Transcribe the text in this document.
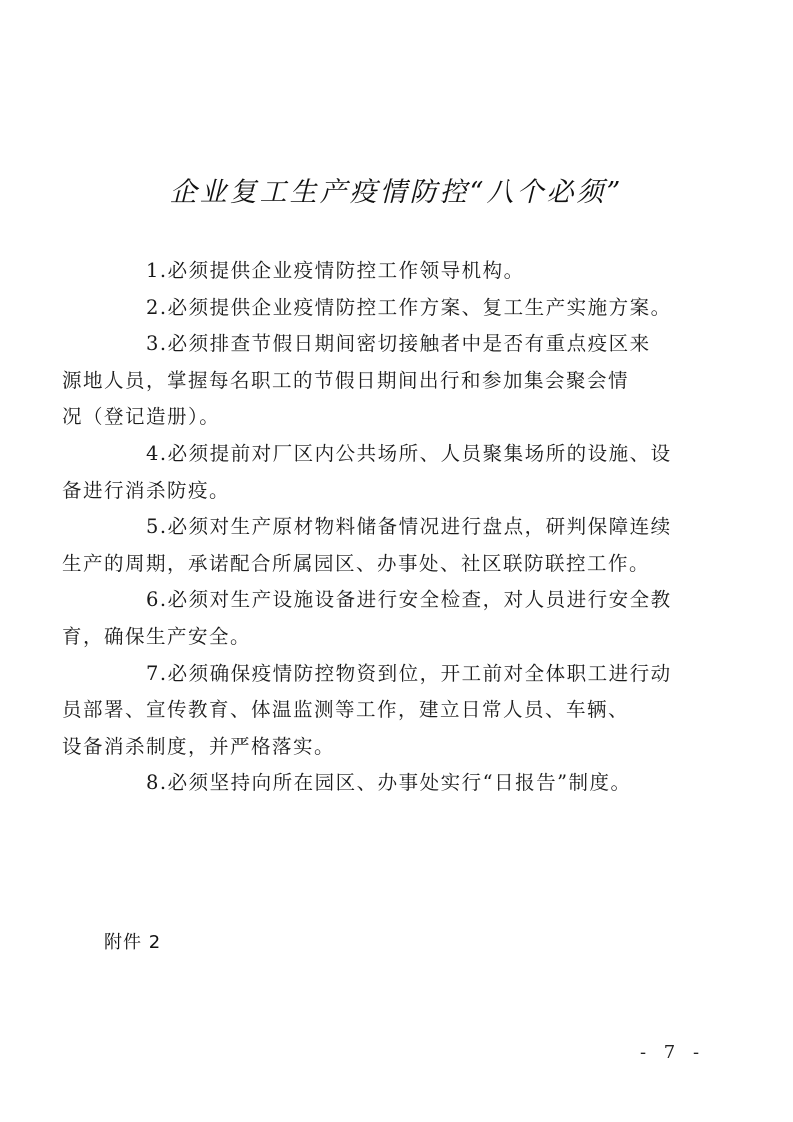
企业复工生产疫情防控“八个必须”

1.必须提供企业疫情防控工作领导机构。

2.必须提供企业疫情防控工作方案、复工生产实施方案。

3.必须排查节假日期间密切接触者中是否有重点疫区来
源地人员，掌握每名职工的节假日期间出行和参加集会聚会情
况（登记造册）。

4.必须提前对厂区内公共场所、人员聚集场所的设施、设
备进行消杀防疫。

5.必须对生产原材物料储备情况进行盘点，研判保障连续
生产的周期，承诺配合所属园区、办事处、社区联防联控工作。

6.必须对生产设施设备进行安全检查，对人员进行安全教
育，确保生产安全。

7.必须确保疫情防控物资到位，开工前对全体职工进行动
员部署、宣传教育、体温监测等工作，建立日常人员、车辆、
设备消杀制度，并严格落实。

8.必须坚持向所在园区、办事处实行“日报告”制度。

附件 2
- 7 -
